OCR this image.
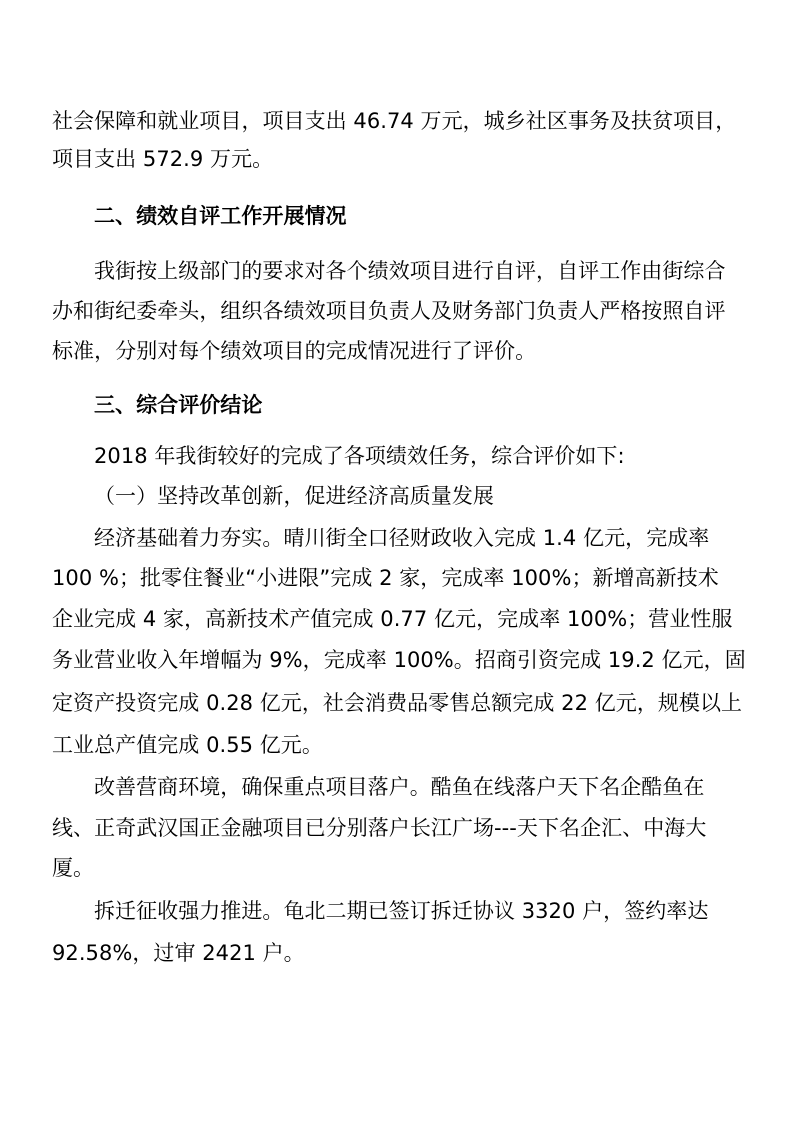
社会保障和就业项目，项目支出 46.74 万元，城乡社区事务及扶贫项目，
项目支出 572.9 万元。
二、绩效自评工作开展情况
我街按上级部门的要求对各个绩效项目进行自评，自评工作由街综合
办和街纪委牵头，组织各绩效项目负责人及财务部门负责人严格按照自评
标准，分别对每个绩效项目的完成情况进行了评价。
三、综合评价结论
2018 年我街较好的完成了各项绩效任务，综合评价如下:
（一）坚持改革创新，促进经济高质量发展
经济基础着力夯实。晴川街全口径财政收入完成 1.4 亿元，完成率
100 %；批零住餐业“小进限”完成 2 家，完成率 100%；新增高新技术
企业完成 4 家，高新技术产值完成 0.77 亿元，完成率 100%；营业性服
务业营业收入年增幅为 9%，完成率 100%。招商引资完成 19.2 亿元，固
定资产投资完成 0.28 亿元，社会消费品零售总额完成 22 亿元，规模以上
工业总产值完成 0.55 亿元。
改善营商环境，确保重点项目落户。酷鱼在线落户天下名企酷鱼在
线、正奇武汉国正金融项目已分别落户长江广场---天下名企汇、中海大
厦。
拆迁征收强力推进。龟北二期已签订拆迁协议 3320 户，签约率达
92.58%，过审 2421 户。
